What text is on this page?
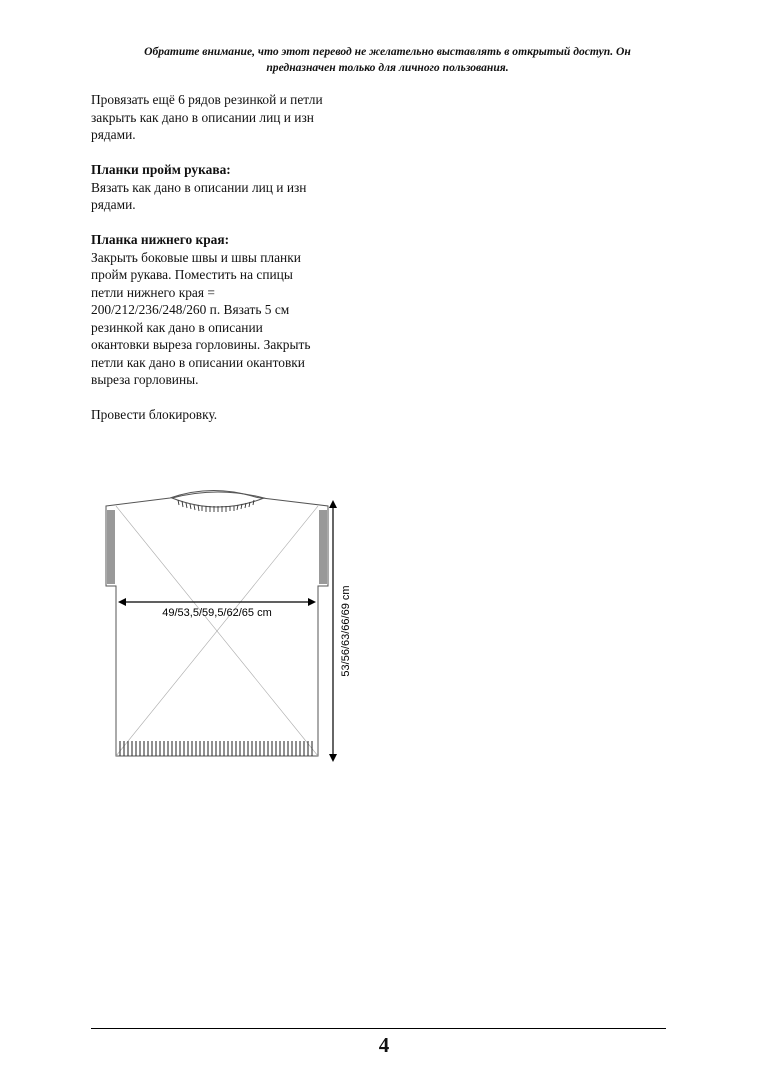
Обратите внимание, что этот перевод не желательно выставлять в открытый доступ. Он
предназначен только для личного пользования.

Провязать ещё 6 рядов резинкой и петли
закрыть как дано в описании лиц и изн
рядами.

Планки пройм рукава:
Вязать как дано в описании лиц и изн
рядами.

Планка нижнего края:
Закрыть боковые швы и швы планки
пройм рукава. Поместить на спицы
петли нижнего края =
200/212/236/248/260 п. Вязать 5 см
резинкой как дано в описании
окантовки выреза горловины. Закрыть
петли как дано в описании окантовки
выреза горловины.

Провести блокировку.

49/53,5/59,5/62/65 cm	53/56/63/66/69 cm
4
